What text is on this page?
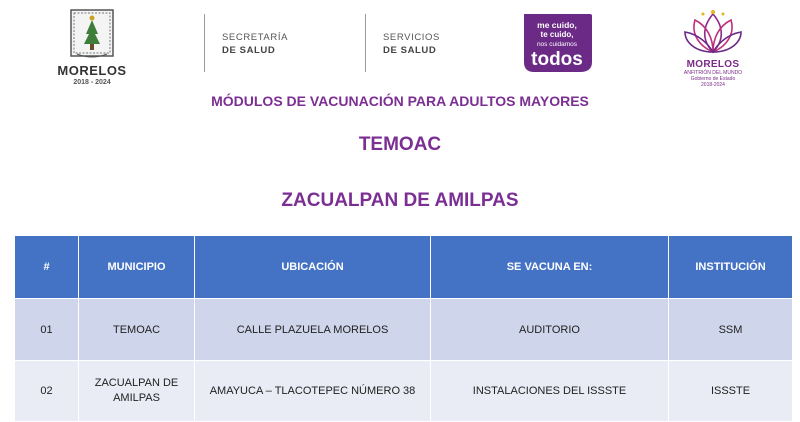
MORELOS
2018 - 2024
SECRETARÍA
DE SALUD
SERVICIOS
DE SALUD
me cuido,
te cuido,
nos cuidamos
todos	MORELOS
ANFITRIÓN DEL MUNDO
Gobierno de Estado
2018-2024
MÓDULOS DE VACUNACIÓN PARA ADULTOS MAYORES
TEMOAC
ZACUALPAN DE AMILPAS
#	MUNICIPIO	UBICACIÓN	SE VACUNA EN:	INSTITUCIÓN
01	TEMOAC	CALLE PLAZUELA MORELOS	AUDITORIO	SSM
02	ZACUALPAN DE AMILPAS	AMAYUCA – TLACOTEPEC NÚMERO 38	INSTALACIONES DEL ISSSTE	ISSSTE
